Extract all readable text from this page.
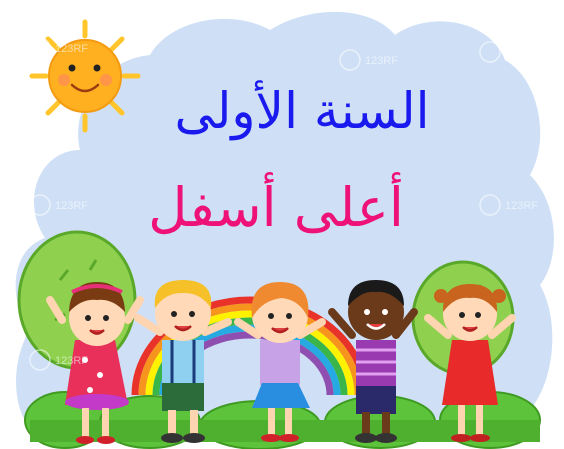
123RF
123RF
123RF
123RF	123RF
123RF
السنة الأولى
أعلى أسفل
